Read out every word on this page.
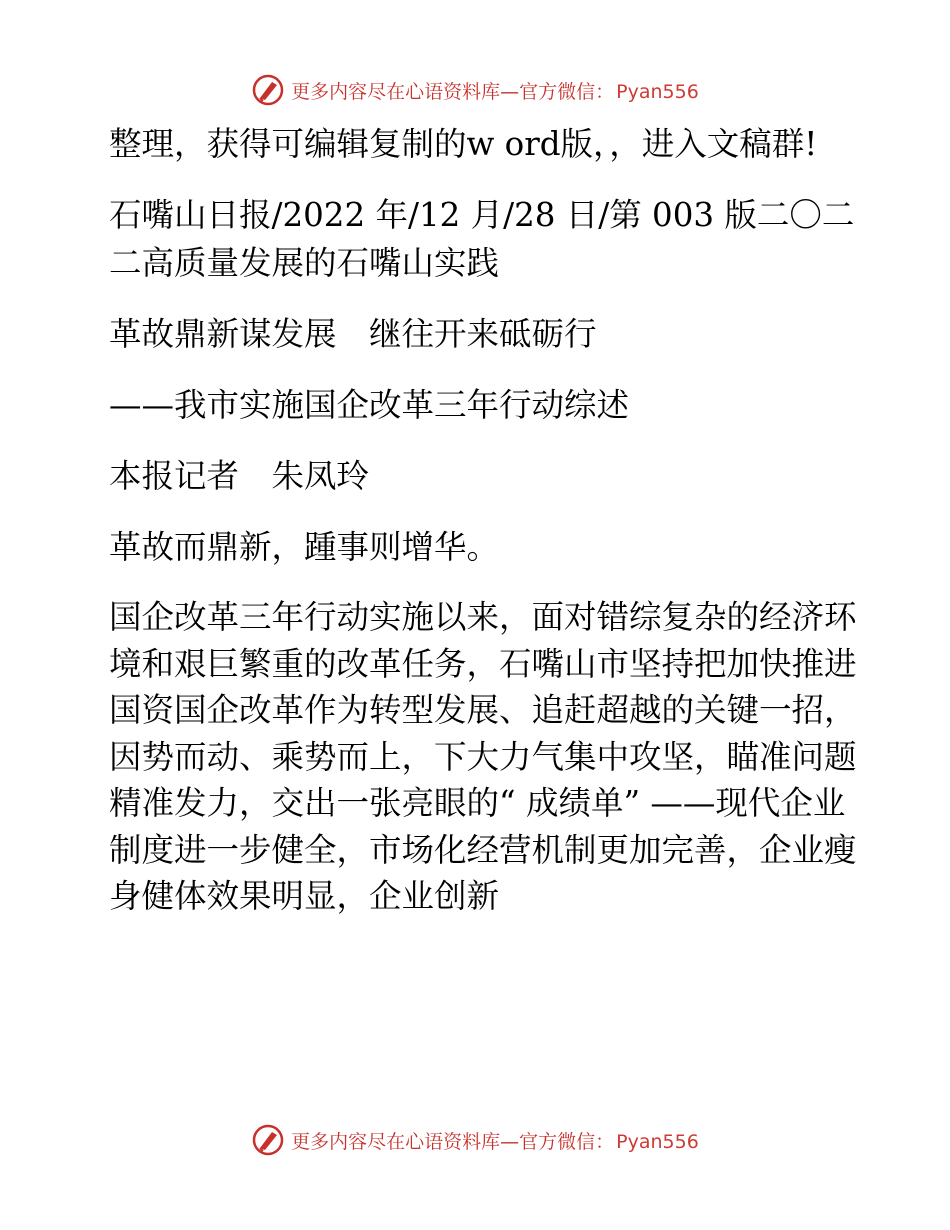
更多内容尽在心语资料库—官方微信： Pyan556

整理，获得可编辑复制的w ord版，，进入文稿群!

石嘴山日报/2022 年/12 月/28 日/第 003 版二〇二二高质量发展的石嘴山实践

革故鼎新谋发展　继往开来砥砺行

——我市实施国企改革三年行动综述

本报记者　朱凤玲

革故而鼎新，踵事则增华。

国企改革三年行动实施以来，面对错综复杂的经济环境和艰巨繁重的改革任务，石嘴山市坚持把加快推进国资国企改革作为转型发展、追赶超越的关键一招，因势而动、乘势而上，下大力气集中攻坚，瞄准问题精准发力，交出一张亮眼的“ 成绩单” ——现代企业制度进一步健全，市场化经营机制更加完善，企业瘦身健体效果明显，企业创新

更多内容尽在心语资料库—官方微信： Pyan556
